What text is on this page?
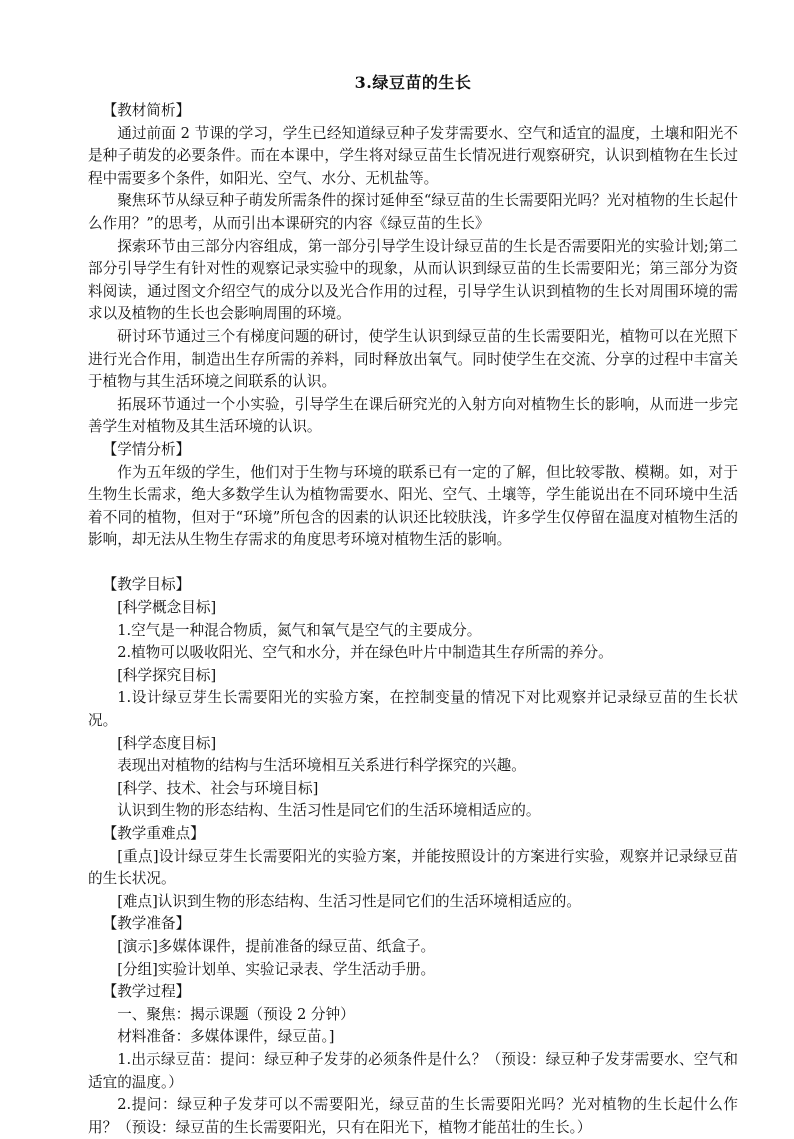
3.绿豆苗的生长
【教材简析】
通过前面 2 节课的学习，学生已经知道绿豆种子发芽需要水、空气和适宜的温度，土壤和阳光不是种子萌发的必要条件。而在本课中，学生将对绿豆苗生长情况进行观察研究，认识到植物在生长过程中需要多个条件，如阳光、空气、水分、无机盐等。
聚焦环节从绿豆种子萌发所需条件的探讨延伸至“绿豆苗的生长需要阳光吗？光对植物的生长起什么作用？”的思考，从而引出本课研究的内容《绿豆苗的生长》
探索环节由三部分内容组成，第一部分引导学生设计绿豆苗的生长是否需要阳光的实验计划;第二部分引导学生有针对性的观察记录实验中的现象，从而认识到绿豆苗的生长需要阳光；第三部分为资料阅读，通过图文介绍空气的成分以及光合作用的过程，引导学生认识到植物的生长对周围环境的需求以及植物的生长也会影响周围的环境。
研讨环节通过三个有梯度问题的研讨，使学生认识到绿豆苗的生长需要阳光，植物可以在光照下进行光合作用，制造出生存所需的养料，同时释放出氧气。同时使学生在交流、分享的过程中丰富关于植物与其生活环境之间联系的认识。
拓展环节通过一个小实验，引导学生在课后研究光的入射方向对植物生长的影响，从而进一步完善学生对植物及其生活环境的认识。
【学情分析】
作为五年级的学生，他们对于生物与环境的联系已有一定的了解，但比较零散、模糊。如，对于生物生长需求，绝大多数学生认为植物需要水、阳光、空气、土壤等，学生能说出在不同环境中生活着不同的植物，但对于“环境”所包含的因素的认识还比较肤浅，许多学生仅停留在温度对植物生活的影响，却无法从生物生存需求的角度思考环境对植物生活的影响。
【教学目标】
[科学概念目标]
1.空气是一种混合物质，氮气和氧气是空气的主要成分。
2.植物可以吸收阳光、空气和水分，并在绿色叶片中制造其生存所需的养分。
[科学探究目标]
1.设计绿豆芽生长需要阳光的实验方案，在控制变量的情况下对比观察并记录绿豆苗的生长状况。
[科学态度目标]
表现出对植物的结构与生活环境相互关系进行科学探究的兴趣。
[科学、技术、社会与环境目标]
认识到生物的形态结构、生活习性是同它们的生活环境相适应的。
【教学重难点】
[重点]设计绿豆芽生长需要阳光的实验方案，并能按照设计的方案进行实验，观察并记录绿豆苗的生长状况。
[难点]认识到生物的形态结构、生活习性是同它们的生活环境相适应的。
【教学准备】
[演示]多媒体课件，提前准备的绿豆苗、纸盒子。
[分组]实验计划单、实验记录表、学生活动手册。
【教学过程】
一、聚焦：揭示课题（预设 2 分钟）
材料准备：多媒体课件，绿豆苗。]
1.出示绿豆苗：提问：绿豆种子发芽的必须条件是什么？（预设：绿豆种子发芽需要水、空气和适宜的温度。）
2.提问：绿豆种子发芽可以不需要阳光，绿豆苗的生长需要阳光吗？光对植物的生长起什么作用？（预设：绿豆苗的生长需要阳光，只有在阳光下，植物才能茁壮的生长。）
